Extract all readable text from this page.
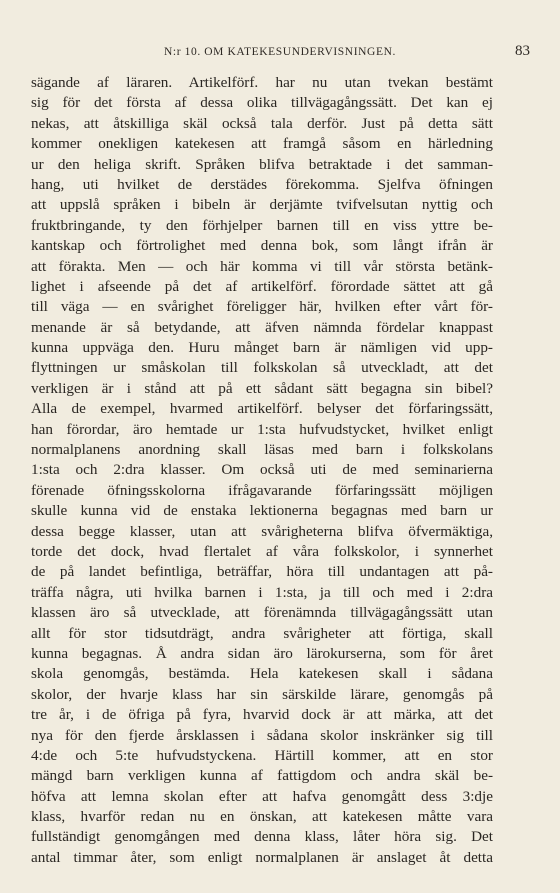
N:r 10. OM KATEKESUNDERVISNINGEN.	83
sägande af läraren. Artikelförf. har nu utan tvekan bestämt
sig för det första af dessa olika tillvägagångssätt. Det kan ej
nekas, att åtskilliga skäl också tala derför. Just på detta sätt
kommer onekligen katekesen att framgå såsom en härledning
ur den heliga skrift. Språken blifva betraktade i det samman-
hang, uti hvilket de derstädes förekomma. Sjelfva öfningen
att uppslå språken i bibeln är derjämte tvifvelsutan nyttig och
fruktbringande, ty den förhjelper barnen till en viss yttre be-
kantskap och förtrolighet med denna bok, som långt ifrån är
att förakta. Men — och här komma vi till vår största betänk-
lighet i afseende på det af artikelförf. förordade sättet att gå
till väga — en svårighet föreligger här, hvilken efter vårt för-
menande är så betydande, att äfven nämnda fördelar knappast
kunna uppväga den. Huru månget barn är nämligen vid upp-
flyttningen ur småskolan till folkskolan så utveckladt, att det
verkligen är i stånd att på ett sådant sätt begagna sin bibel?
Alla de exempel, hvarmed artikelförf. belyser det förfaringssätt,
han förordar, äro hemtade ur 1:sta hufvudstycket, hvilket enligt
normalplanens anordning skall läsas med barn i folkskolans
1:sta och 2:dra klasser. Om också uti de med seminarierna
förenade öfningsskolorna ifrågavarande förfaringssätt möjligen
skulle kunna vid de enstaka lektionerna begagnas med barn ur
dessa begge klasser, utan att svårigheterna blifva öfvermäktiga,
torde det dock, hvad flertalet af våra folkskolor, i synnerhet
de på landet befintliga, beträffar, höra till undantagen att på-
träffa några, uti hvilka barnen i 1:sta, ja till och med i 2:dra
klassen äro så utvecklade, att förenämnda tillvägagångssätt utan
allt för stor tidsutdrägt, andra svårigheter att förtiga, skall
kunna begagnas. Å andra sidan äro lärokurserna, som för året
skola genomgås, bestämda. Hela katekesen skall i sådana
skolor, der hvarje klass har sin särskilde lärare, genomgås på
tre år, i de öfriga på fyra, hvarvid dock är att märka, att det
nya för den fjerde årsklassen i sådana skolor inskränker sig till
4:de och 5:te hufvudstyckena. Härtill kommer, att en stor
mängd barn verkligen kunna af fattigdom och andra skäl be-
höfva att lemna skolan efter att hafva genomgått dess 3:dje
klass, hvarför redan nu en önskan, att katekesen måtte vara
fullständigt genomgången med denna klass, låter höra sig. Det
antal timmar åter, som enligt normalplanen är anslaget åt detta
